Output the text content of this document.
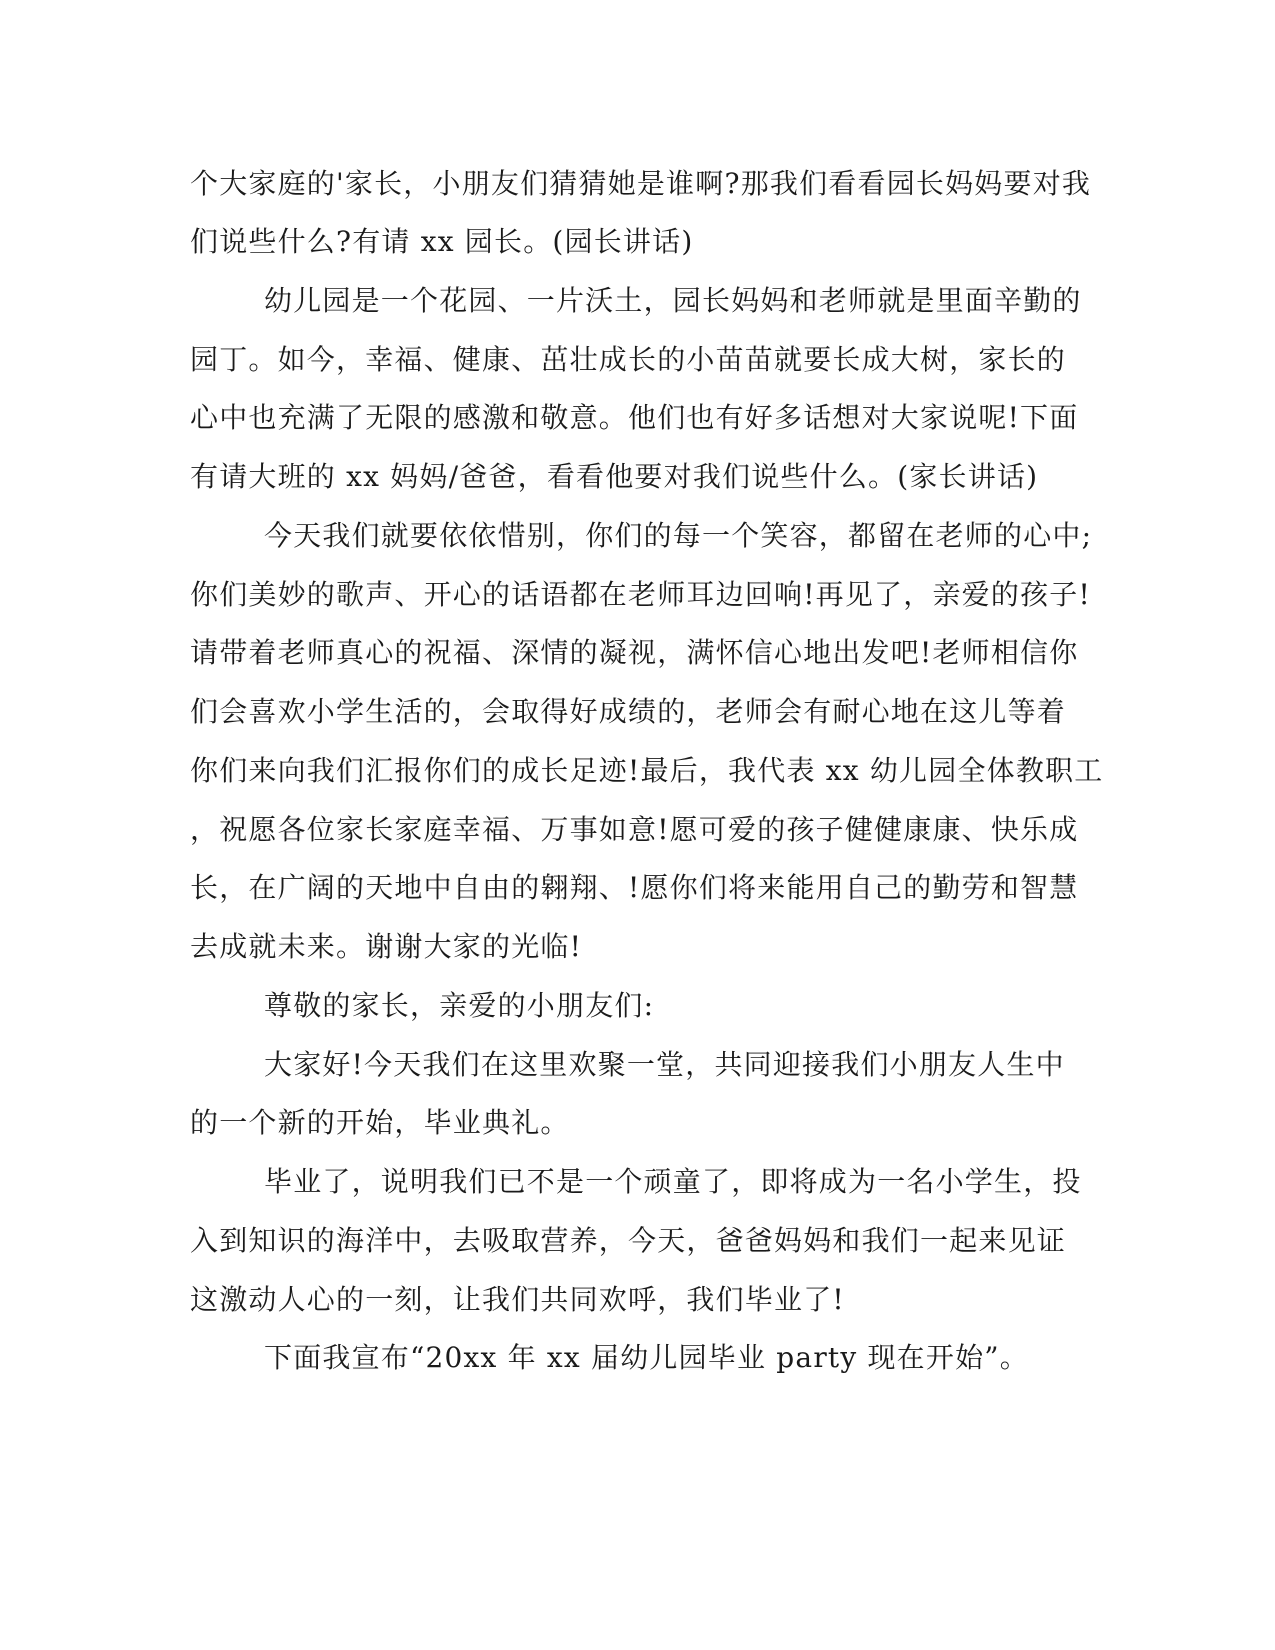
个大家庭的'家长，小朋友们猜猜她是谁啊?那我们看看园长妈妈要对我
们说些什么?有请 xx 园长。(园长讲话)
幼儿园是一个花园、一片沃土，园长妈妈和老师就是里面辛勤的
园丁。如今，幸福、健康、茁壮成长的小苗苗就要长成大树，家长的
心中也充满了无限的感激和敬意。他们也有好多话想对大家说呢!下面
有请大班的 xx 妈妈/爸爸，看看他要对我们说些什么。(家长讲话)
今天我们就要依依惜别，你们的每一个笑容，都留在老师的心中;
你们美妙的歌声、开心的话语都在老师耳边回响!再见了，亲爱的孩子!
请带着老师真心的祝福、深情的凝视，满怀信心地出发吧!老师相信你
们会喜欢小学生活的，会取得好成绩的，老师会有耐心地在这儿等着
你们来向我们汇报你们的成长足迹!最后，我代表 xx 幼儿园全体教职工
，祝愿各位家长家庭幸福、万事如意!愿可爱的孩子健健康康、快乐成
长，在广阔的天地中自由的翱翔、!愿你们将来能用自己的勤劳和智慧
去成就未来。谢谢大家的光临!
尊敬的家长，亲爱的小朋友们:
大家好!今天我们在这里欢聚一堂，共同迎接我们小朋友人生中
的一个新的开始，毕业典礼。
毕业了，说明我们已不是一个顽童了，即将成为一名小学生，投
入到知识的海洋中，去吸取营养，今天，爸爸妈妈和我们一起来见证
这激动人心的一刻，让我们共同欢呼，我们毕业了!
下面我宣布“20xx 年 xx 届幼儿园毕业 party 现在开始”。
